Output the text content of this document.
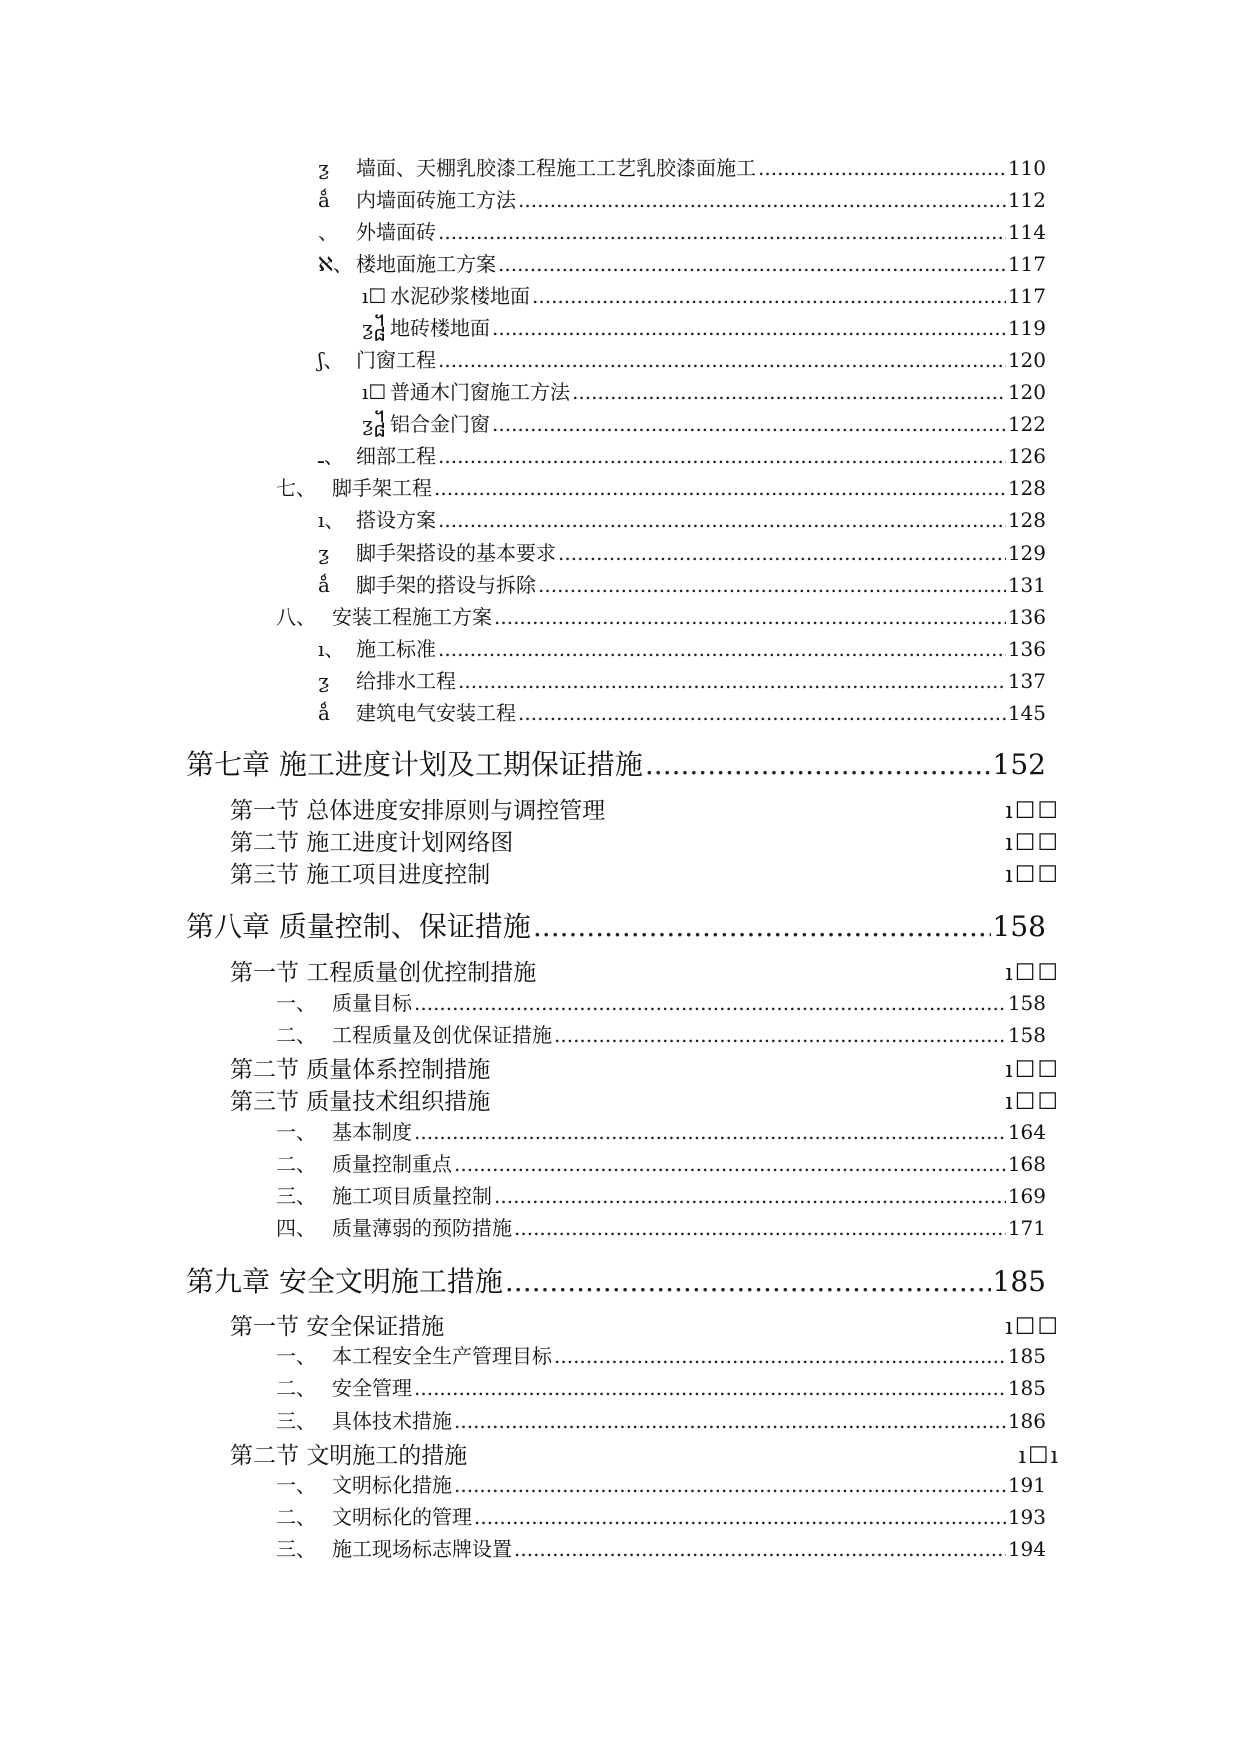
ƺ	墙面、天棚乳胶漆工程施工工艺乳胶漆面施工 .....	110
ǻ	内墙面砖施工方法 .....	112
、 外墙面砖 .....	114
ℵ、 楼地面施工方案 .....	117
ı☐ 水泥砂浆楼地面 .....	117
ƺ᧸ 地砖楼地面 .....	119
ʃ、 门窗工程 .....	120
ı☐ 普通木门窗施工方法 .....	120
ƺ᧸ 铝合金门窗 .....	122
ـ、 细部工程 .....	126
七、 脚手架工程 .....	128
ı、 搭设方案 .....	128
ƺ	脚手架搭设的基本要求 .....	129
ǻ	脚手架的搭设与拆除 .....	131
八、 安装工程施工方案 .....	136
ı、 施工标准 .....	136
ƺ	给排水工程 .....	137
ǻ	建筑电气安装工程 .....	145
第七章 施工进度计划及工期保证措施 .....	152
第一节 总体进度安排原则与调控管理	ı☐☐
第二节 施工进度计划网络图	ı☐☐
第三节 施工项目进度控制	ı☐☐
第八章 质量控制、保证措施 .....	158
第一节 工程质量创优控制措施	ı☐☐
一、 质量目标 .....	158
二、 工程质量及创优保证措施 .....	158
第二节 质量体系控制措施	ı☐☐
第三节 质量技术组织措施	ı☐☐
一、 基本制度 .....	164
二、 质量控制重点 .....	168
三、 施工项目质量控制 .....	169
四、 质量薄弱的预防措施 .....	171
第九章 安全文明施工措施 .....	185
第一节 安全保证措施	ı☐☐
一、 本工程安全生产管理目标 .....	185
二、 安全管理 .....	185
三、 具体技术措施 .....	186
第二节 文明施工的措施	ı☐ı
一、 文明标化措施 .....	191
二、 文明标化的管理 .....	193
三、 施工现场标志牌设置 .....	194
